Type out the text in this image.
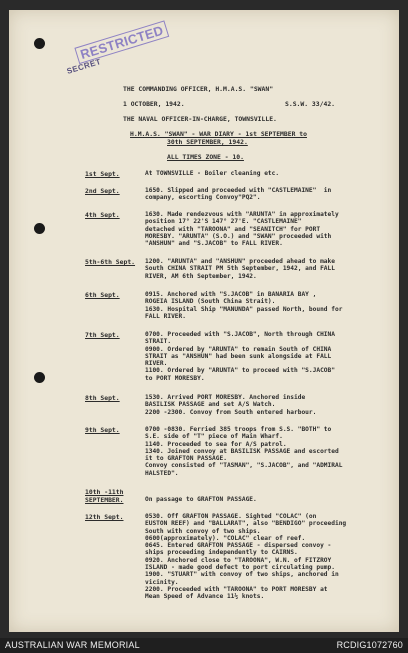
SECRET
RESTRICTED
THE COMMANDING OFFICER, H.M.A.S. "SWAN"
1 OCTOBER, 1942.	S.S.W. 33/42.
THE NAVAL OFFICER-IN-CHARGE, TOWNSVILLE.
H.M.A.S. "SWAN" - WAR DIARY - 1st SEPTEMBER to
30th SEPTEMBER, 1942.
ALL TIMES ZONE - 10.
1st Sept.	At TOWNSVILLE - Boiler cleaning etc.
2nd Sept.	1650. Slipped and proceeded with "CASTLEMAINE"  in
company, escorting Convoy"PQ2".
4th Sept.	1630. Made rendezvous with "ARUNTA" in approximately
position 17° 22'S 147° 27'E. "CASTLEMAINE"
detached with "TAROONA" and "SEANITCH" for PORT
MORESBY. "ARUNTA" (S.O.) and "SWAN" proceeded with
"ANSHUN" and "S.JACOB" to FALL RIVER.
5th-6th Sept. 1200. "ARUNTA" and "ANSHUN" proceeded ahead to make
South CHINA STRAIT PM 5th September, 1942, and FALL
RIVER, AM 6th September, 1942.
6th Sept.	0915. Anchored with "S.JACOB" in BANARIA BAY ,
ROGEIA ISLAND (South China Strait).
1630. Hospital Ship "MANUNDA" passed North, bound for
FALL RIVER.
7th Sept.	0700. Proceeded with "S.JACOB", North through CHINA
STRAIT.
0900. Ordered by "ARUNTA" to remain South of CHINA
STRAIT as "ANSHUN" had been sunk alongside at FALL
RIVER.
1100. Ordered by "ARUNTA" to proceed with "S.JACOB"
to PORT MORESBY.
8th Sept.	1530. Arrived PORT MORESBY. Anchored inside
BASILISK PASSAGE and set A/S Watch.
2200 -2300. Convoy from South entered harbour.
9th Sept.	0700 -0830. Ferried 385 troops from S.S. "BOTH" to
S.E. side of "T" piece of Main Wharf.
1140. Proceeded to sea for A/S patrol.
1340. Joined convoy at BASILISK PASSAGE and escorted
it to GRAFTON PASSAGE.
Convoy consisted of "TASMAN", "S.JACOB", and "ADMIRAL
HALSTED".
10th -11th
SEPTEMBER.	On passage to GRAFTON PASSAGE.
12th Sept.	0530. Off GRAFTON PASSAGE. Sighted "COLAC" (on
EUSTON REEF) and "BALLARAT", also "BENDIGO" proceeding
South with convoy of two ships.
0600(approximately). "COLAC" clear of reef.
0645. Entered GRAFTON PASSAGE - dispersed convoy -
ships proceeding independently to CAIRNS.
0920. Anchored close to "TAROONA", W.N. of FITZROY
ISLAND - made good defect to port circulating pump.
1900. "STUART" with convoy of two ships, anchored in
vicinity.
2200. Proceeded with "TAROONA" to PORT MORESBY at
Mean Speed of Advance 11½ knots.
AUSTRALIAN WAR MEMORIAL	RCDIG1072760
